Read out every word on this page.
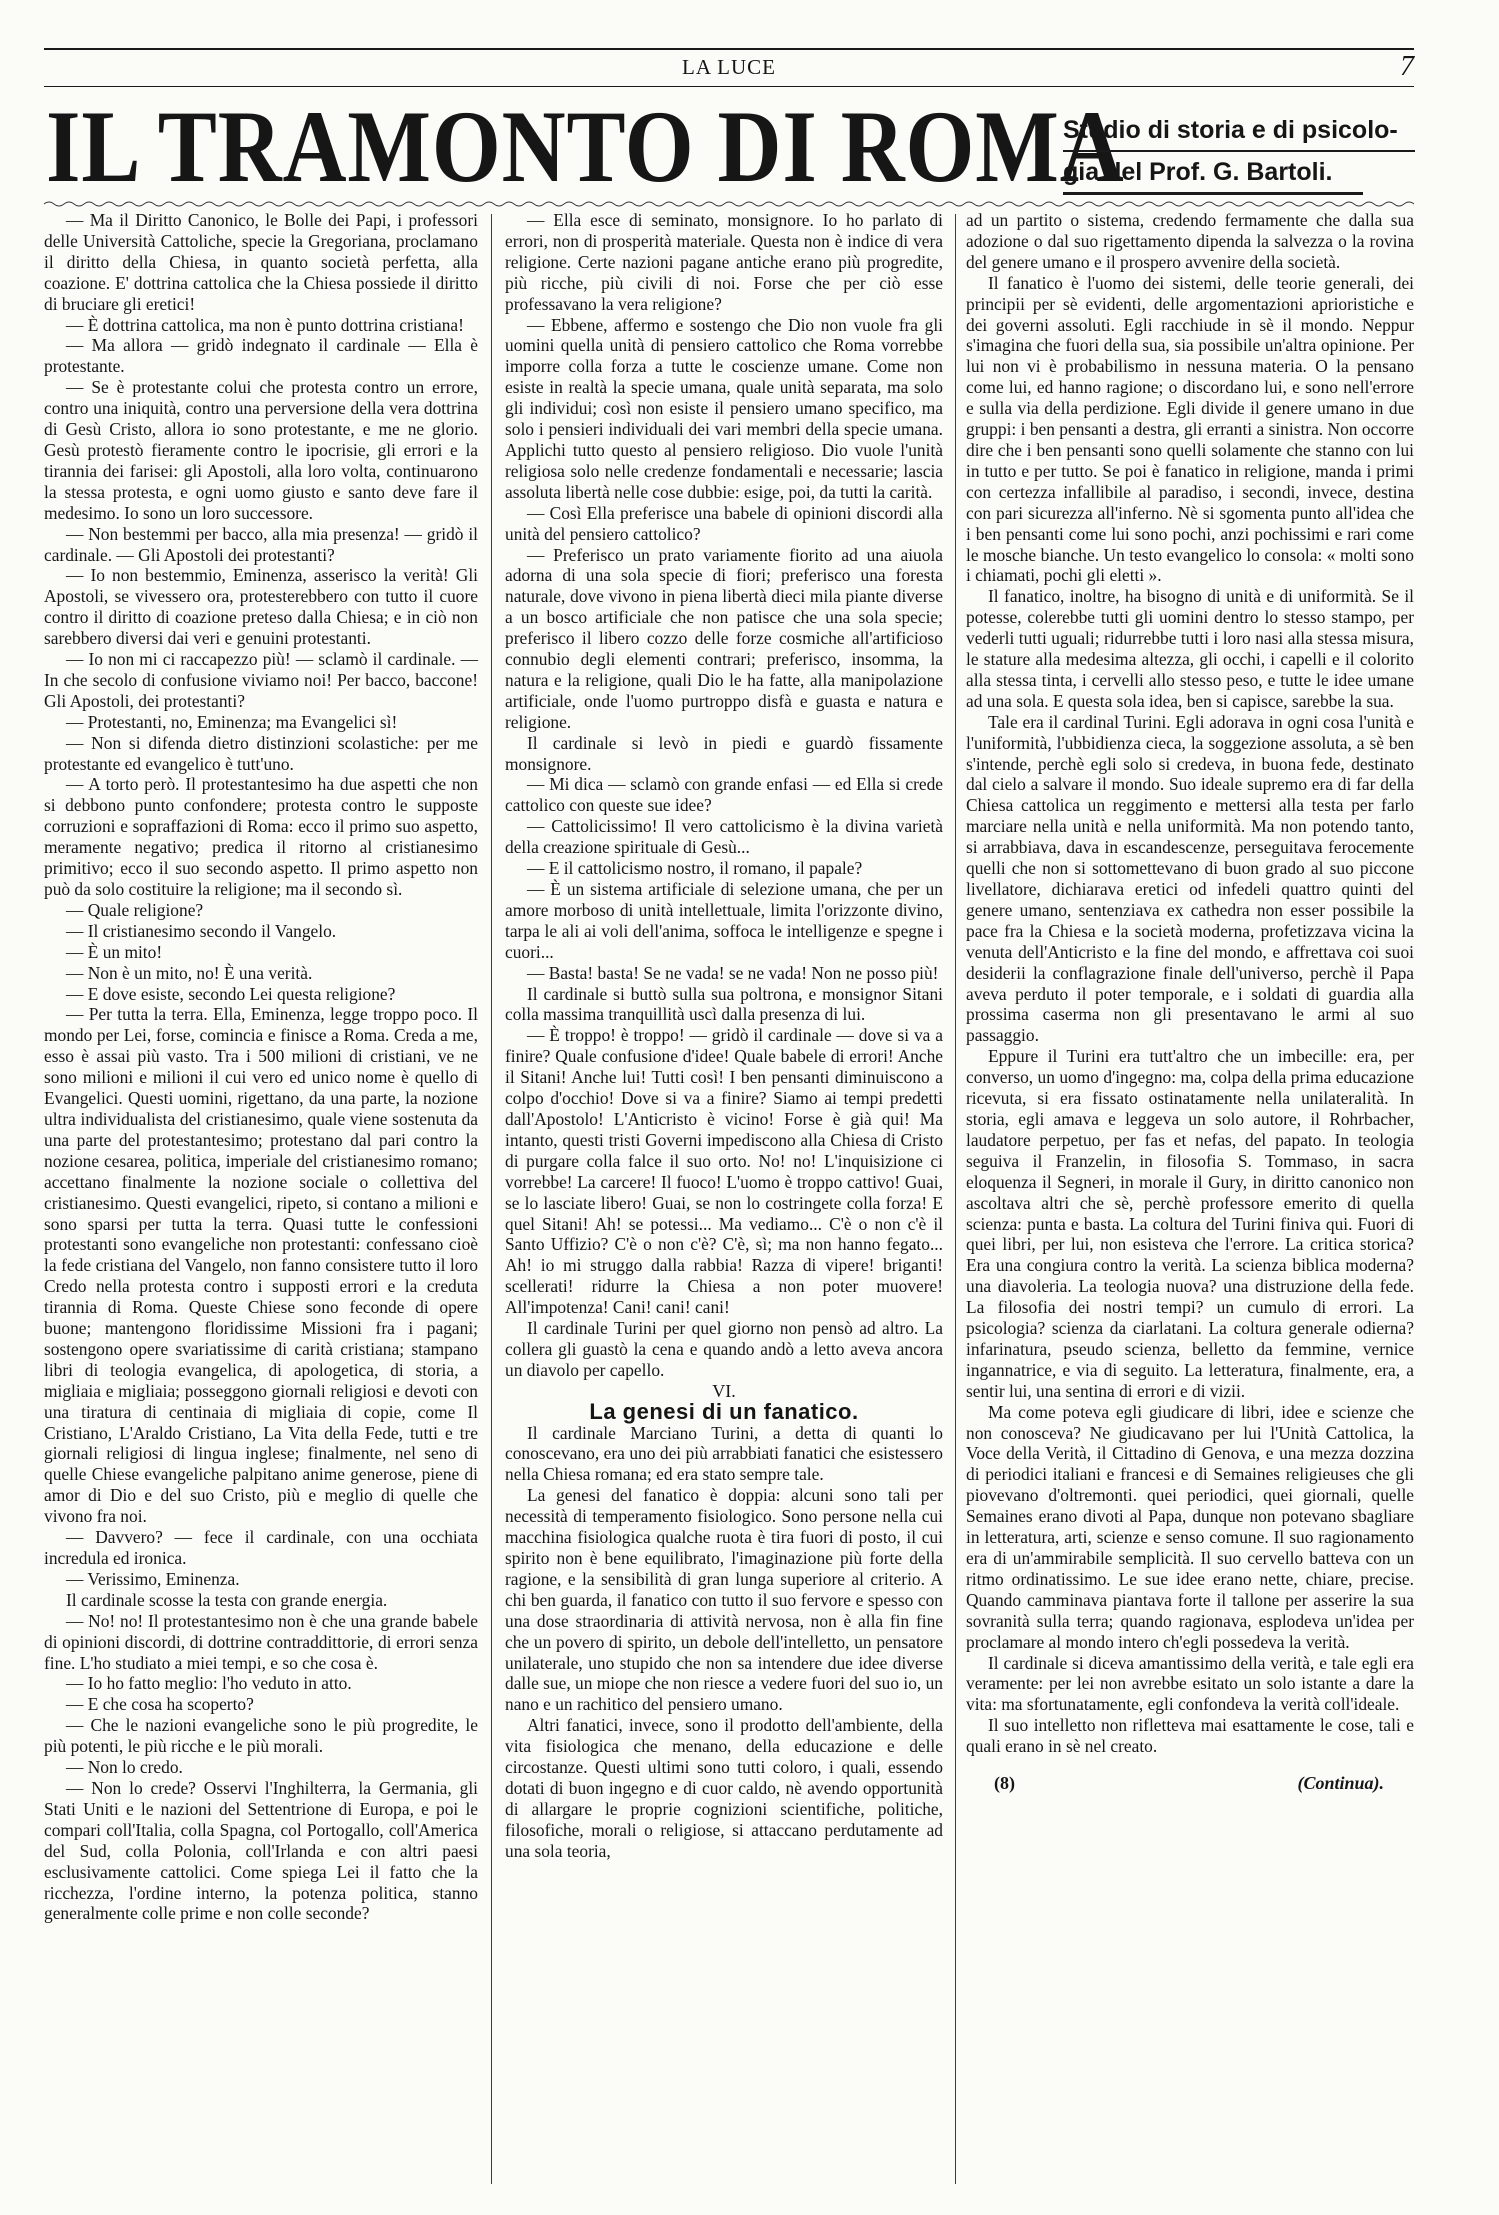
LA LUCE	7
IL TRAMONTO DI ROMA
Studio di storia e di psicolo-
gia del Prof. G. Bartoli.

— Ma il Diritto Canonico, le Bolle dei Papi, i professori delle Università Cattoliche, specie la Gregoriana, proclamano il diritto della Chiesa, in quanto società perfetta, alla coazione. E' dottrina cattolica che la Chiesa possiede il diritto di bruciare gli eretici!

— È dottrina cattolica, ma non è punto dottrina cristiana!

— Ma allora — gridò indegnato il cardinale — Ella è protestante.

— Se è protestante colui che protesta contro un errore, contro una iniquità, contro una perversione della vera dottrina di Gesù Cristo, allora io sono protestante, e me ne glorio. Gesù protestò fieramente contro le ipocrisie, gli errori e la tirannia dei farisei: gli Apostoli, alla loro volta, continuarono la stessa protesta, e ogni uomo giusto e santo deve fare il medesimo. Io sono un loro successore.

— Non bestemmi per bacco, alla mia presenza! — gridò il cardinale. — Gli Apostoli dei protestanti?

— Io non bestemmio, Eminenza, asserisco la verità! Gli Apostoli, se vivessero ora, protesterebbero con tutto il cuore contro il diritto di coazione preteso dalla Chiesa; e in ciò non sarebbero diversi dai veri e genuini protestanti.

— Io non mi ci raccapezzo più! — sclamò il cardinale. — In che secolo di confusione viviamo noi! Per bacco, baccone! Gli Apostoli, dei protestanti?

— Protestanti, no, Eminenza; ma Evangelici sì!

— Non si difenda dietro distinzioni scolastiche: per me protestante ed evangelico è tutt'uno.

— A torto però. Il protestantesimo ha due aspetti che non si debbono punto confondere; protesta contro le supposte corruzioni e sopraffazioni di Roma: ecco il primo suo aspetto, meramente negativo; predica il ritorno al cristianesimo primitivo; ecco il suo secondo aspetto. Il primo aspetto non può da solo costituire la religione; ma il secondo sì.

— Quale religione?

— Il cristianesimo secondo il Vangelo.

— È un mito!

— Non è un mito, no! È una verità.

— E dove esiste, secondo Lei questa religione?

— Per tutta la terra. Ella, Eminenza, legge troppo poco. Il mondo per Lei, forse, comincia e finisce a Roma. Creda a me, esso è assai più vasto. Tra i 500 milioni di cristiani, ve ne sono milioni e milioni il cui vero ed unico nome è quello di Evangelici. Questi uomini, rigettano, da una parte, la nozione ultra individualista del cristianesimo, quale viene sostenuta da una parte del protestantesimo; protestano dal pari contro la nozione cesarea, politica, imperiale del cristianesimo romano; accettano finalmente la nozione sociale o collettiva del cristianesimo. Questi evangelici, ripeto, si contano a milioni e sono sparsi per tutta la terra. Quasi tutte le confessioni protestanti sono evangeliche non protestanti: confessano cioè la fede cristiana del Vangelo, non fanno consistere tutto il loro Credo nella protesta contro i supposti errori e la creduta tirannia di Roma. Queste Chiese sono feconde di opere buone; mantengono floridissime Missioni fra i pagani; sostengono opere svariatissime di carità cristiana; stampano libri di teologia evangelica, di apologetica, di storia, a migliaia e migliaia; posseggono giornali religiosi e devoti con una tiratura di centinaia di migliaia di copie, come Il Cristiano, L'Araldo Cristiano, La Vita della Fede, tutti e tre giornali religiosi di lingua inglese; finalmente, nel seno di quelle Chiese evangeliche palpitano anime generose, piene di amor di Dio e del suo Cristo, più e meglio di quelle che vivono fra noi.

— Davvero? — fece il cardinale, con una occhiata incredula ed ironica.

— Verissimo, Eminenza.

Il cardinale scosse la testa con grande energia.

— No! no! Il protestantesimo non è che una grande babele di opinioni discordi, di dottrine contraddittorie, di errori senza fine. L'ho studiato a miei tempi, e so che cosa è.

— Io ho fatto meglio: l'ho veduto in atto.

— E che cosa ha scoperto?

— Che le nazioni evangeliche sono le più progredite, le più potenti, le più ricche e le più morali.

— Non lo credo.

— Non lo crede? Osservi l'Inghilterra, la Germania, gli Stati Uniti e le nazioni del Settentrione di Europa, e poi le compari coll'Italia, colla Spagna, col Portogallo, coll'America del Sud, colla Polonia, coll'Irlanda e con altri paesi esclusivamente cattolici. Come spiega Lei il fatto che la ricchezza, l'ordine interno, la potenza politica, stanno generalmente colle prime e non colle seconde?

— Ella esce di seminato, monsignore. Io ho parlato di errori, non di prosperità materiale. Questa non è indice di vera religione. Certe nazioni pagane antiche erano più progredite, più ricche, più civili di noi. Forse che per ciò esse professavano la vera religione?

— Ebbene, affermo e sostengo che Dio non vuole fra gli uomini quella unità di pensiero cattolico che Roma vorrebbe imporre colla forza a tutte le coscienze umane. Come non esiste in realtà la specie umana, quale unità separata, ma solo gli individui; così non esiste il pensiero umano specifico, ma solo i pensieri individuali dei vari membri della specie umana. Applichi tutto questo al pensiero religioso. Dio vuole l'unità religiosa solo nelle credenze fondamentali e necessarie; lascia assoluta libertà nelle cose dubbie: esige, poi, da tutti la carità.

— Così Ella preferisce una babele di opinioni discordi alla unità del pensiero cattolico?

— Preferisco un prato variamente fiorito ad una aiuola adorna di una sola specie di fiori; preferisco una foresta naturale, dove vivono in piena libertà dieci mila piante diverse a un bosco artificiale che non patisce che una sola specie; preferisco il libero cozzo delle forze cosmiche all'artificioso connubio degli elementi contrari; preferisco, insomma, la natura e la religione, quali Dio le ha fatte, alla manipolazione artificiale, onde l'uomo purtroppo disfà e guasta e natura e religione.

Il cardinale si levò in piedi e guardò fissamente monsignore.

— Mi dica — sclamò con grande enfasi — ed Ella si crede cattolico con queste sue idee?

— Cattolicissimo! Il vero cattolicismo è la divina varietà della creazione spirituale di Gesù...

— E il cattolicismo nostro, il romano, il papale?

— È un sistema artificiale di selezione umana, che per un amore morboso di unità intellettuale, limita l'orizzonte divino, tarpa le ali ai voli dell'anima, soffoca le intelligenze e spegne i cuori...

— Basta! basta! Se ne vada! se ne vada! Non ne posso più!

Il cardinale si buttò sulla sua poltrona, e monsignor Sitani colla massima tranquillità uscì dalla presenza di lui.

— È troppo! è troppo! — gridò il cardinale — dove si va a finire? Quale confusione d'idee! Quale babele di errori! Anche il Sitani! Anche lui! Tutti così! I ben pensanti diminuiscono a colpo d'occhio! Dove si va a finire? Siamo ai tempi predetti dall'Apostolo! L'Anticristo è vicino! Forse è già qui! Ma intanto, questi tristi Governi impediscono alla Chiesa di Cristo di purgare colla falce il suo orto. No! no! L'inquisizione ci vorrebbe! La carcere! Il fuoco! L'uomo è troppo cattivo! Guai, se lo lasciate libero! Guai, se non lo costringete colla forza! E quel Sitani! Ah! se potessi... Ma vediamo... C'è o non c'è il Santo Uffizio? C'è o non c'è? C'è, sì; ma non hanno fegato... Ah! io mi struggo dalla rabbia! Razza di vipere! briganti! scellerati! ridurre la Chiesa a non poter muovere! All'impotenza! Cani! cani! cani!

Il cardinale Turini per quel giorno non pensò ad altro. La collera gli guastò la cena e quando andò a letto aveva ancora un diavolo per capello.

VI.

La genesi di un fanatico.

Il cardinale Marciano Turini, a detta di quanti lo conoscevano, era uno dei più arrabbiati fanatici che esistessero nella Chiesa romana; ed era stato sempre tale.

La genesi del fanatico è doppia: alcuni sono tali per necessità di temperamento fisiologico. Sono persone nella cui macchina fisiologica qualche ruota è tira fuori di posto, il cui spirito non è bene equilibrato, l'imaginazione più forte della ragione, e la sensibilità di gran lunga superiore al criterio. A chi ben guarda, il fanatico con tutto il suo fervore e spesso con una dose straordinaria di attività nervosa, non è alla fin fine che un povero di spirito, un debole dell'intelletto, un pensatore unilaterale, uno stupido che non sa intendere due idee diverse dalle sue, un miope che non riesce a vedere fuori del suo io, un nano e un rachitico del pensiero umano.

Altri fanatici, invece, sono il prodotto dell'ambiente, della vita fisiologica che menano, della educazione e delle circostanze. Questi ultimi sono tutti coloro, i quali, essendo dotati di buon ingegno e di cuor caldo, nè avendo opportunità di allargare le proprie cognizioni scientifiche, politiche, filosofiche, morali o religiose, si attaccano perdutamente ad una sola teoria,

ad un partito o sistema, credendo fermamente che dalla sua adozione o dal suo rigettamento dipenda la salvezza o la rovina del genere umano e il prospero avvenire della società.

Il fanatico è l'uomo dei sistemi, delle teorie generali, dei principii per sè evidenti, delle argomentazioni aprioristiche e dei governi assoluti. Egli racchiude in sè il mondo. Neppur s'imagina che fuori della sua, sia possibile un'altra opinione. Per lui non vi è probabilismo in nessuna materia. O la pensano come lui, ed hanno ragione; o discordano lui, e sono nell'errore e sulla via della perdizione. Egli divide il genere umano in due gruppi: i ben pensanti a destra, gli erranti a sinistra. Non occorre dire che i ben pensanti sono quelli solamente che stanno con lui in tutto e per tutto. Se poi è fanatico in religione, manda i primi con certezza infallibile al paradiso, i secondi, invece, destina con pari sicurezza all'inferno. Nè si sgomenta punto all'idea che i ben pensanti come lui sono pochi, anzi pochissimi e rari come le mosche bianche. Un testo evangelico lo consola: « molti sono i chiamati, pochi gli eletti ».

Il fanatico, inoltre, ha bisogno di unità e di uniformità. Se il potesse, colerebbe tutti gli uomini dentro lo stesso stampo, per vederli tutti uguali; ridurrebbe tutti i loro nasi alla stessa misura, le stature alla medesima altezza, gli occhi, i capelli e il colorito alla stessa tinta, i cervelli allo stesso peso, e tutte le idee umane ad una sola. E questa sola idea, ben si capisce, sarebbe la sua.

Tale era il cardinal Turini. Egli adorava in ogni cosa l'unità e l'uniformità, l'ubbidienza cieca, la soggezione assoluta, a sè ben s'intende, perchè egli solo si credeva, in buona fede, destinato dal cielo a salvare il mondo. Suo ideale supremo era di far della Chiesa cattolica un reggimento e mettersi alla testa per farlo marciare nella unità e nella uniformità. Ma non potendo tanto, si arrabbiava, dava in escandescenze, perseguitava ferocemente quelli che non si sottomettevano di buon grado al suo piccone livellatore, dichiarava eretici od infedeli quattro quinti del genere umano, sentenziava ex cathedra non esser possibile la pace fra la Chiesa e la società moderna, profetizzava vicina la venuta dell'Anticristo e la fine del mondo, e affrettava coi suoi desiderii la conflagrazione finale dell'universo, perchè il Papa aveva perduto il poter temporale, e i soldati di guardia alla prossima caserma non gli presentavano le armi al suo passaggio.

Eppure il Turini era tutt'altro che un imbecille: era, per converso, un uomo d'ingegno: ma, colpa della prima educazione ricevuta, si era fissato ostinatamente nella unilateralità. In storia, egli amava e leggeva un solo autore, il Rohrbacher, laudatore perpetuo, per fas et nefas, del papato. In teologia seguiva il Franzelin, in filosofia S. Tommaso, in sacra eloquenza il Segneri, in morale il Gury, in diritto canonico non ascoltava altri che sè, perchè professore emerito di quella scienza: punta e basta. La coltura del Turini finiva qui. Fuori di quei libri, per lui, non esisteva che l'errore. La critica storica? Era una congiura contro la verità. La scienza biblica moderna? una diavoleria. La teologia nuova? una distruzione della fede. La filosofia dei nostri tempi? un cumulo di errori. La psicologia? scienza da ciarlatani. La coltura generale odierna? infarinatura, pseudo scienza, belletto da femmine, vernice ingannatrice, e via di seguito. La letteratura, finalmente, era, a sentir lui, una sentina di errori e di vizii.

Ma come poteva egli giudicare di libri, idee e scienze che non conosceva? Ne giudicavano per lui l'Unità Cattolica, la Voce della Verità, il Cittadino di Genova, e una mezza dozzina di periodici italiani e francesi e di Semaines religieuses che gli piovevano d'oltremonti. quei periodici, quei giornali, quelle Semaines erano divoti al Papa, dunque non potevano sbagliare in letteratura, arti, scienze e senso comune. Il suo ragionamento era di un'ammirabile semplicità. Il suo cervello batteva con un ritmo ordinatissimo. Le sue idee erano nette, chiare, precise. Quando camminava piantava forte il tallone per asserire la sua sovranità sulla terra; quando ragionava, esplodeva un'idea per proclamare al mondo intero ch'egli possedeva la verità.

Il cardinale si diceva amantissimo della verità, e tale egli era veramente: per lei non avrebbe esitato un solo istante a dare la vita: ma sfortunatamente, egli confondeva la verità coll'ideale.

Il suo intelletto non rifletteva mai esattamente le cose, tali e quali erano in sè nel creato.

(8)	(Continua).
